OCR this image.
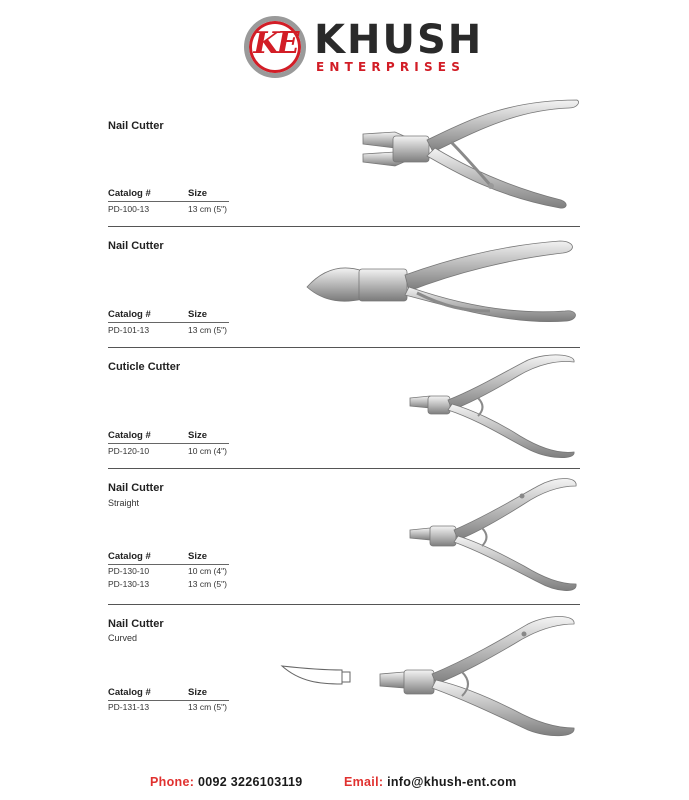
KE KHUSH
ENTERPRISES
Nail Cutter
Catalog #	Size
PD-100-13	13 cm (5")
Nail Cutter
Catalog #	Size
PD-101-13	13 cm (5")
Cuticle Cutter
Catalog #	Size
PD-120-10	10 cm (4")
Nail Cutter
Straight
Catalog #	Size
PD-130-10	10 cm (4")
PD-130-13	13 cm (5")
Nail Cutter
Curved
Catalog #	Size
PD-131-13	13 cm (5")
Phone: 0092 3226103119	Email: info@khush-ent.com
